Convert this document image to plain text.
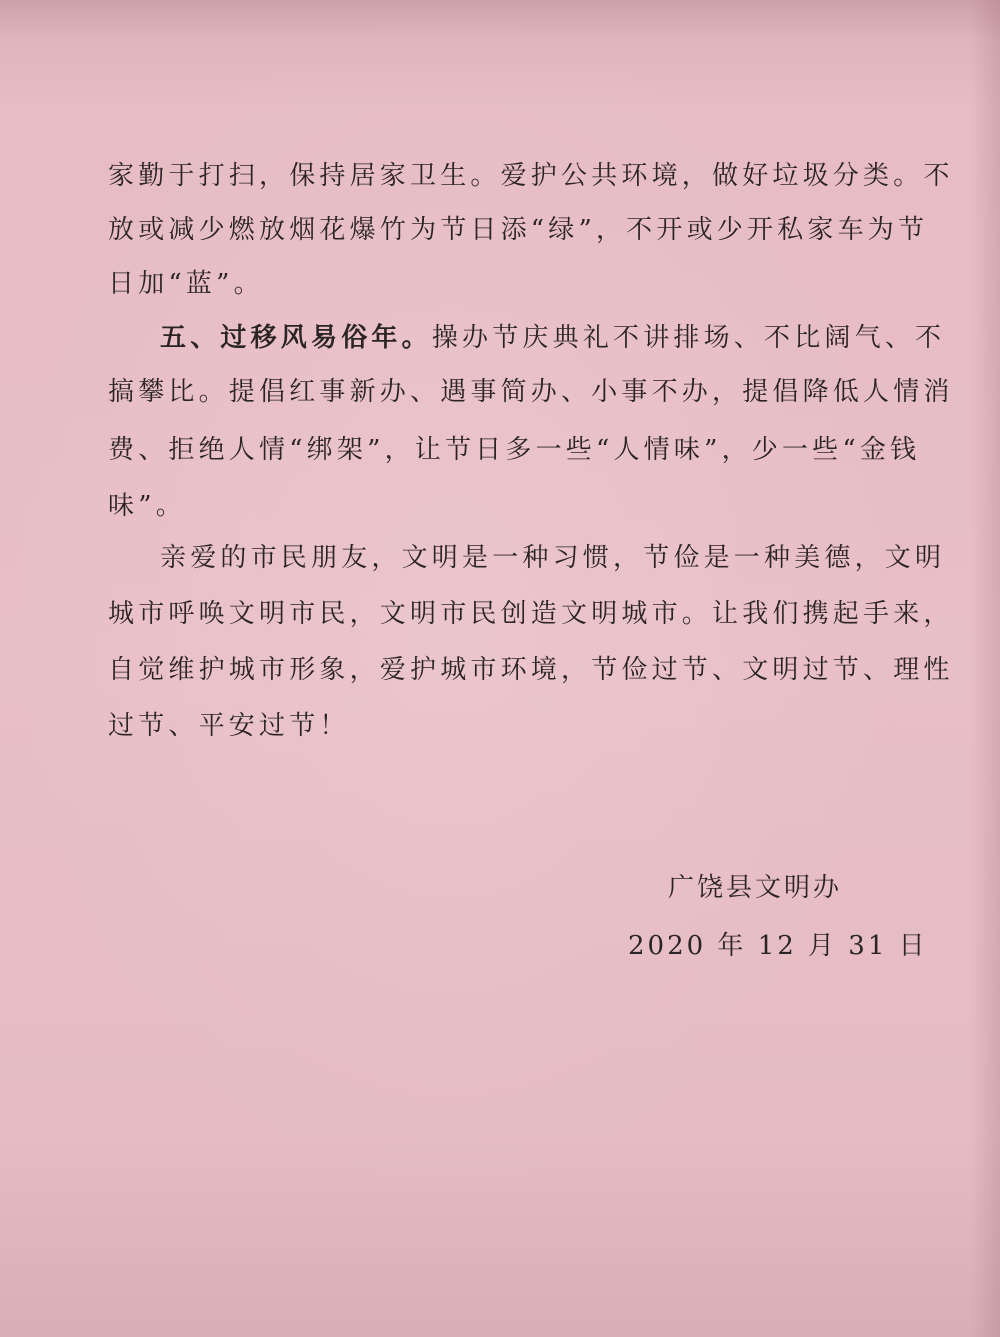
家勤于打扫，保持居家卫生。爱护公共环境，做好垃圾分类。不
放或减少燃放烟花爆竹为节日添“绿”，不开或少开私家车为节
日加“蓝”。
五、过移风易俗年。操办节庆典礼不讲排场、不比阔气、不
搞攀比。提倡红事新办、遇事简办、小事不办，提倡降低人情消
费、拒绝人情“绑架”，让节日多一些“人情味”，少一些“金钱
味”。
亲爱的市民朋友，文明是一种习惯，节俭是一种美德，文明
城市呼唤文明市民，文明市民创造文明城市。让我们携起手来，
自觉维护城市形象，爱护城市环境，节俭过节、文明过节、理性
过节、平安过节！
广饶县文明办
2020 年 12 月 31 日
